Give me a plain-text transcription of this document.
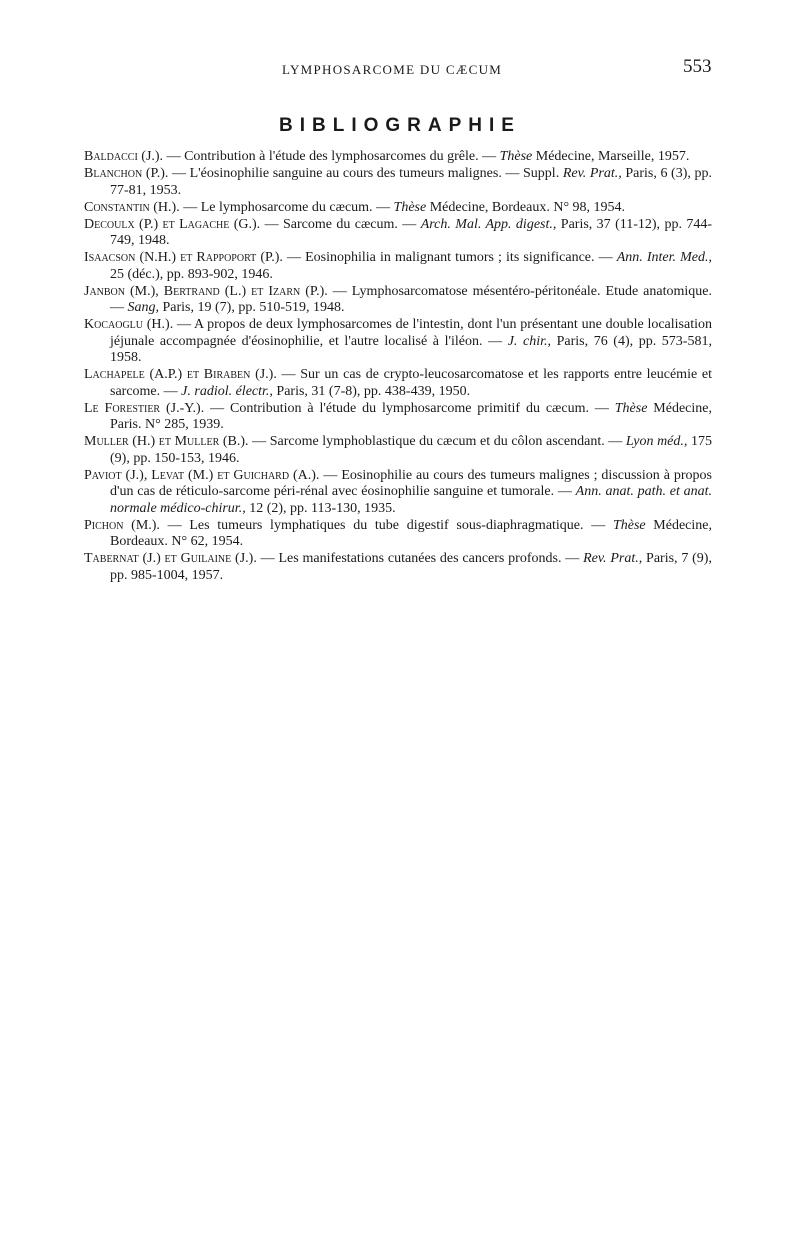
LYMPHOSARCOME DU CÆCUM	553
BIBLIOGRAPHIE

Baldacci (J.). — Contribution à l'étude des lymphosarcomes du grêle. — Thèse Médecine, Marseille, 1957.

Blanchon (P.). — L'éosinophilie sanguine au cours des tumeurs malignes. — Suppl. Rev. Prat., Paris, 6 (3), pp. 77-81, 1953.

Constantin (H.). — Le lymphosarcome du cæcum. — Thèse Médecine, Bordeaux. N° 98, 1954.

Decoulx (P.) et Lagache (G.). — Sarcome du cæcum. — Arch. Mal. App. digest., Paris, 37 (11-12), pp. 744-749, 1948.

Isaacson (N.H.) et Rappoport (P.). — Eosinophilia in malignant tumors ; its significance. — Ann. Inter. Med., 25 (déc.), pp. 893-902, 1946.

Janbon (M.), Bertrand (L.) et Izarn (P.). — Lymphosarcomatose mésentéro-péritonéale. Etude anatomique. — Sang, Paris, 19 (7), pp. 510-519, 1948.

Kocaoglu (H.). — A propos de deux lymphosarcomes de l'intestin, dont l'un présentant une double localisation jéjunale accompagnée d'éosinophilie, et l'autre localisé à l'iléon. — J. chir., Paris, 76 (4), pp. 573-581, 1958.

Lachapele (A.P.) et Biraben (J.). — Sur un cas de crypto-leucosarcomatose et les rapports entre leucémie et sarcome. — J. radiol. électr., Paris, 31 (7-8), pp. 438-439, 1950.

Le Forestier (J.-Y.). — Contribution à l'étude du lymphosarcome primitif du cæcum. — Thèse Médecine, Paris. N° 285, 1939.

Muller (H.) et Muller (B.). — Sarcome lymphoblastique du cæcum et du côlon ascendant. — Lyon méd., 175 (9), pp. 150-153, 1946.

Paviot (J.), Levat (M.) et Guichard (A.). — Eosinophilie au cours des tumeurs malignes ; discussion à propos d'un cas de réticulo-sarcome péri-rénal avec éosinophilie sanguine et tumorale. — Ann. anat. path. et anat. normale médico-chirur., 12 (2), pp. 113-130, 1935.

Pichon (M.). — Les tumeurs lymphatiques du tube digestif sous-diaphragmatique. — Thèse Médecine, Bordeaux. N° 62, 1954.

Tabernat (J.) et Guilaine (J.). — Les manifestations cutanées des cancers profonds. — Rev. Prat., Paris, 7 (9), pp. 985-1004, 1957.
